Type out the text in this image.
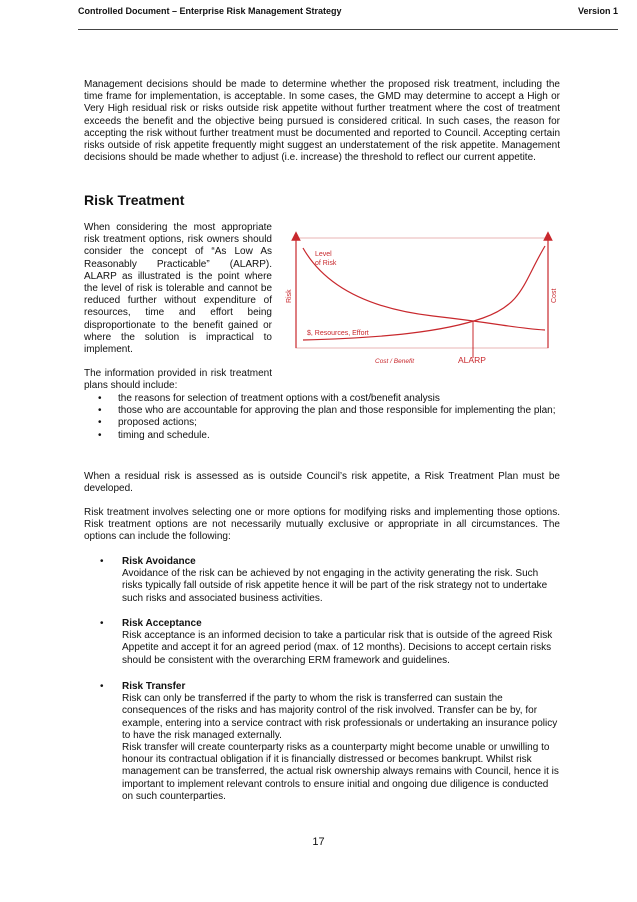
Controlled Document – Enterprise Risk Management Strategy	Version 1

Management decisions should be made to determine whether the proposed risk treatment, including the time frame for implementation, is acceptable. In some cases, the GMD may determine to accept a High or Very High residual risk or risks outside risk appetite without further treatment where the cost of treatment exceeds the benefit and the objective being pursued is considered critical. In such cases, the reason for accepting the risk without further treatment must be documented and reported to Council. Accepting certain risks outside of risk appetite frequently might suggest an understatement of the risk appetite. Management decisions should be made whether to adjust (i.e. increase) the threshold to reflect our current appetite.

Risk Treatment

When considering the most appropriate risk treatment options, risk owners should consider the concept of “As Low As Reasonably Practicable” (ALARP). ALARP as illustrated is the point where the level of risk is tolerable and cannot be reduced further without expenditure of resources, time and effort being disproportionate to the benefit gained or where the solution is impractical to implement.

Level
of Risk
Risk	Cost
$, Resources, Effort
Cost / Benefit	ALARP

The information provided in risk treatment plans should include:

• the reasons for selection of treatment options with a cost/benefit analysis
• those who are accountable for approving the plan and those responsible for implementing the plan;
• proposed actions;
• timing and schedule.

When a residual risk is assessed as is outside Council’s risk appetite, a Risk Treatment Plan must be developed.

Risk treatment involves selecting one or more options for modifying risks and implementing those options. Risk treatment options are not necessarily mutually exclusive or appropriate in all circumstances. The options can include the following:

• Risk Avoidance
Avoidance of the risk can be achieved by not engaging in the activity generating the risk. Such risks typically fall outside of risk appetite hence it will be part of the risk strategy not to undertake such risks and associated business activities.
• Risk Acceptance
Risk acceptance is an informed decision to take a particular risk that is outside of the agreed Risk Appetite and accept it for an agreed period (max. of 12 months). Decisions to accept certain risks should be consistent with the overarching ERM framework and guidelines.
• Risk Transfer
Risk can only be transferred if the party to whom the risk is transferred can sustain the consequences of the risks and has majority control of the risk involved. Transfer can be by, for example, entering into a service contract with risk professionals or undertaking an insurance policy to have the risk managed externally.
Risk transfer will create counterparty risks as a counterparty might become unable or unwilling to honour its contractual obligation if it is financially distressed or becomes bankrupt. Whilst risk management can be transferred, the actual risk ownership always remains with Council, hence it is important to implement relevant controls to ensure initial and ongoing due diligence is conducted on such counterparties.
17
